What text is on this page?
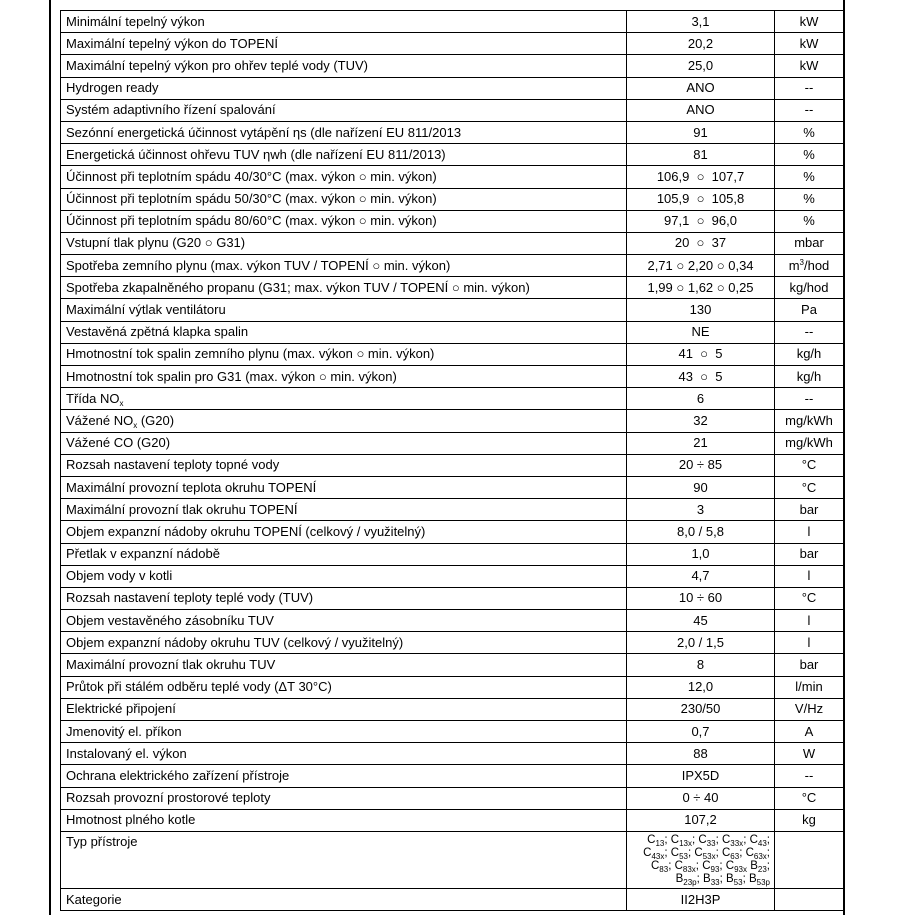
Minimální tepelný výkon	3,1	kW
Maximální tepelný výkon do TOPENÍ	20,2	kW
Maximální tepelný výkon pro ohřev teplé vody (TUV)	25,0	kW
Hydrogen ready	ANO	--
Systém adaptivního řízení spalování	ANO	--
Sezónní energetická účinnost vytápění ηs (dle nařízení EU 811/2013	91	%
Energetická účinnost ohřevu TUV ηwh (dle nařízení EU 811/2013)	81	%
Účinnost při teplotním spádu 40/30°C (max. výkon ○ min. výkon)	106,9  ○  107,7	%
Účinnost při teplotním spádu 50/30°C (max. výkon ○ min. výkon)	105,9  ○  105,8	%
Účinnost při teplotním spádu 80/60°C (max. výkon ○ min. výkon)	97,1  ○  96,0	%
Vstupní tlak plynu (G20 ○ G31)	20  ○  37	mbar
Spotřeba zemního plynu (max. výkon TUV / TOPENÍ ○ min. výkon)	2,71 ○ 2,20 ○ 0,34	$m^3$/hod
Spotřeba zkapalněného propanu (G31; max. výkon TUV / TOPENÍ ○ min. výkon)	1,99 ○ 1,62 ○ 0,25	kg/hod
Maximální výtlak ventilátoru	130	Pa
Vestavěná zpětná klapka spalin	NE	--
Hmotnostní tok spalin zemního plynu (max. výkon ○ min. výkon)	41  ○  5	kg/h
Hmotnostní tok spalin pro G31 (max. výkon ○ min. výkon)	43  ○  5	kg/h
Třída $NO_x$	6	--
Vážené $NO_x$ (G20)	32	mg/kWh
Vážené CO (G20)	21	mg/kWh
Rozsah nastavení teploty topné vody	20 ÷ 85	°C
Maximální provozní teplota okruhu TOPENÍ	90	°C
Maximální provozní tlak okruhu TOPENÍ	3	bar
Objem expanzní nádoby okruhu TOPENÍ (celkový / využitelný)	8,0 / 5,8	l
Přetlak v expanzní nádobě	1,0	bar
Objem vody v kotli	4,7	l
Rozsah nastavení teploty teplé vody (TUV)	10 ÷ 60	°C
Objem vestavěného zásobníku TUV	45	l
Objem expanzní nádoby okruhu TUV (celkový / využitelný)	2,0 / 1,5	l
Maximální provozní tlak okruhu TUV	8	bar
Průtok při stálém odběru teplé vody (ΔT 30°C)	12,0	l/min
Elektrické připojení	230/50	V/Hz
Jmenovitý el. příkon	0,7	A
Instalovaný el. výkon	88	W
Ochrana elektrického zařízení přístroje	IPX5D	--
Rozsah provozní prostorové teploty	0 ÷ 40	°C
Hmotnost plného kotle	107,2	kg
Typ přístroje	$C_{13}$; $C_{13x}$; $C_{33}$; $C_{33x}$; $C_{43}$; $C_{43x}$; $C_{53}$; $C_{53x}$; $C_{63}$; $C_{63x}$; $C_{83}$; $C_{83x}$; $C_{93}$; $C_{93x}$ $B_{23}$; $B_{23p}$; $B_{33}$; $B_{53}$; $B_{53p}$	
Kategorie	II2H3P	
